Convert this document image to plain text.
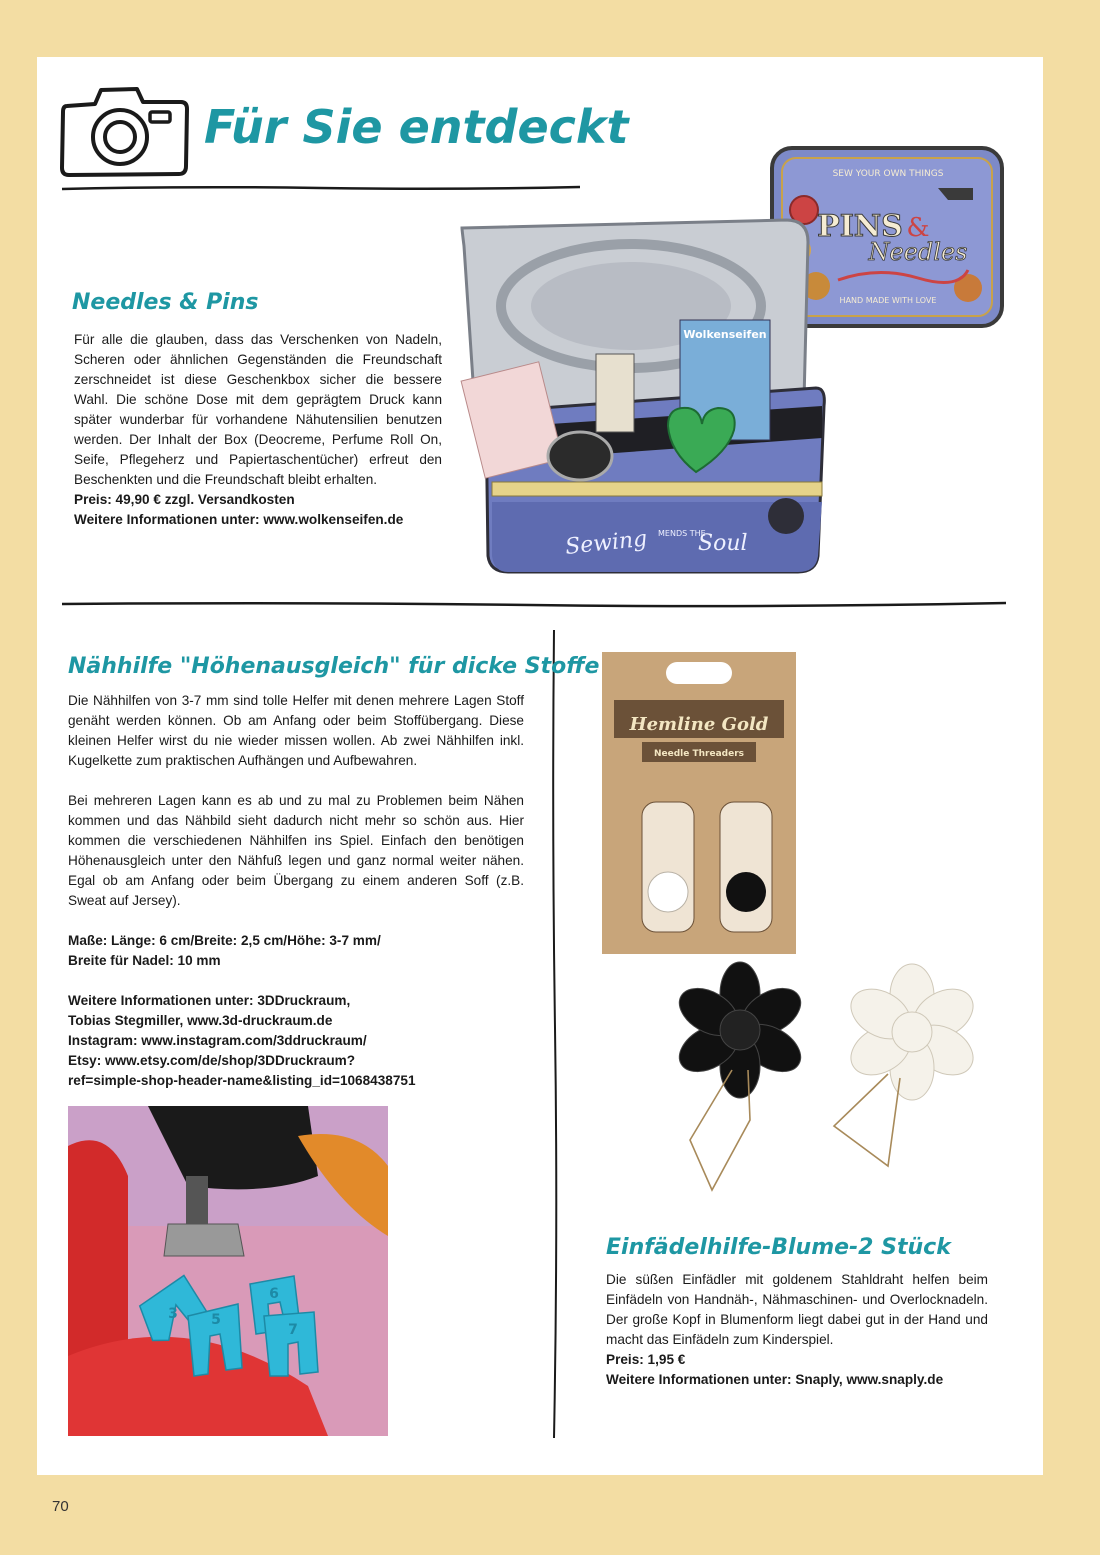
Für Sie entdeckt
SEW YOUR OWN THINGS
PINS &
Needles
HAND MADE WITH LOVE
Wolkenseifen
Sewing MENDS THE
Soul
Needles & Pins

Für alle die glauben, dass das Verschenken von Nadeln, Scheren oder ähnlichen Gegenständen die Freundschaft zerschneidet ist diese Geschenkbox sicher die bessere Wahl. Die schöne Dose mit dem geprägtem Druck kann später wunderbar für vorhandene Nähutensilien benutzen werden. Der Inhalt der Box (Deocreme, Perfume Roll On, Seife, Pflegeherz und Papiertaschentücher) erfreut den Beschenkten und die Freundschaft bleibt erhalten.

Preis: 49,90 € zzgl. Versandkosten

Weitere Informationen unter: www.wolkenseifen.de

Nähhilfe "Höhenausgleich" für dicke Stoffe

Die Nähhilfen von 3-7 mm sind tolle Helfer mit denen mehrere Lagen Stoff genäht werden können. Ob am Anfang oder beim Stoffübergang. Diese kleinen Helfer wirst du nie wieder missen wollen. Ab zwei Nähhilfen inkl. Kugelkette zum praktischen Aufhängen und Aufbewahren.

Bei mehreren Lagen kann es ab und zu mal zu Problemen beim Nähen kommen und das Nähbild sieht dadurch nicht mehr so schön aus. Hier kommen die verschiedenen Nähhilfen ins Spiel. Einfach den benötigen Höhenausgleich unter den Nähfuß legen und ganz normal weiter nähen. Egal ob am Anfang oder beim Übergang zu einem anderen Soff (z.B. Sweat auf Jersey).

Maße: Länge: 6 cm/Breite: 2,5 cm/Höhe: 3-7 mm/

Breite für Nadel: 10 mm

Weitere Informationen unter: 3DDruckraum,

Tobias Stegmiller, www.3d-druckraum.de

Instagram: www.instagram.com/3ddruckraum/

Etsy: www.etsy.com/de/shop/3DDruckraum?

ref=simple-shop-header-name&listing_id=1068438751

3 5
6
7
Hemline Gold
Needle Threaders
Einfädelhilfe-Blume-2 Stück

Die süßen Einfädler mit goldenem Stahldraht helfen beim Einfädeln von Handnäh-, Nähmaschinen- und Overlocknadeln. Der große Kopf in Blumenform liegt dabei gut in der Hand und macht das Einfädeln zum Kinderspiel.

Preis: 1,95 €

Weitere Informationen unter: Snaply, www.snaply.de

70
